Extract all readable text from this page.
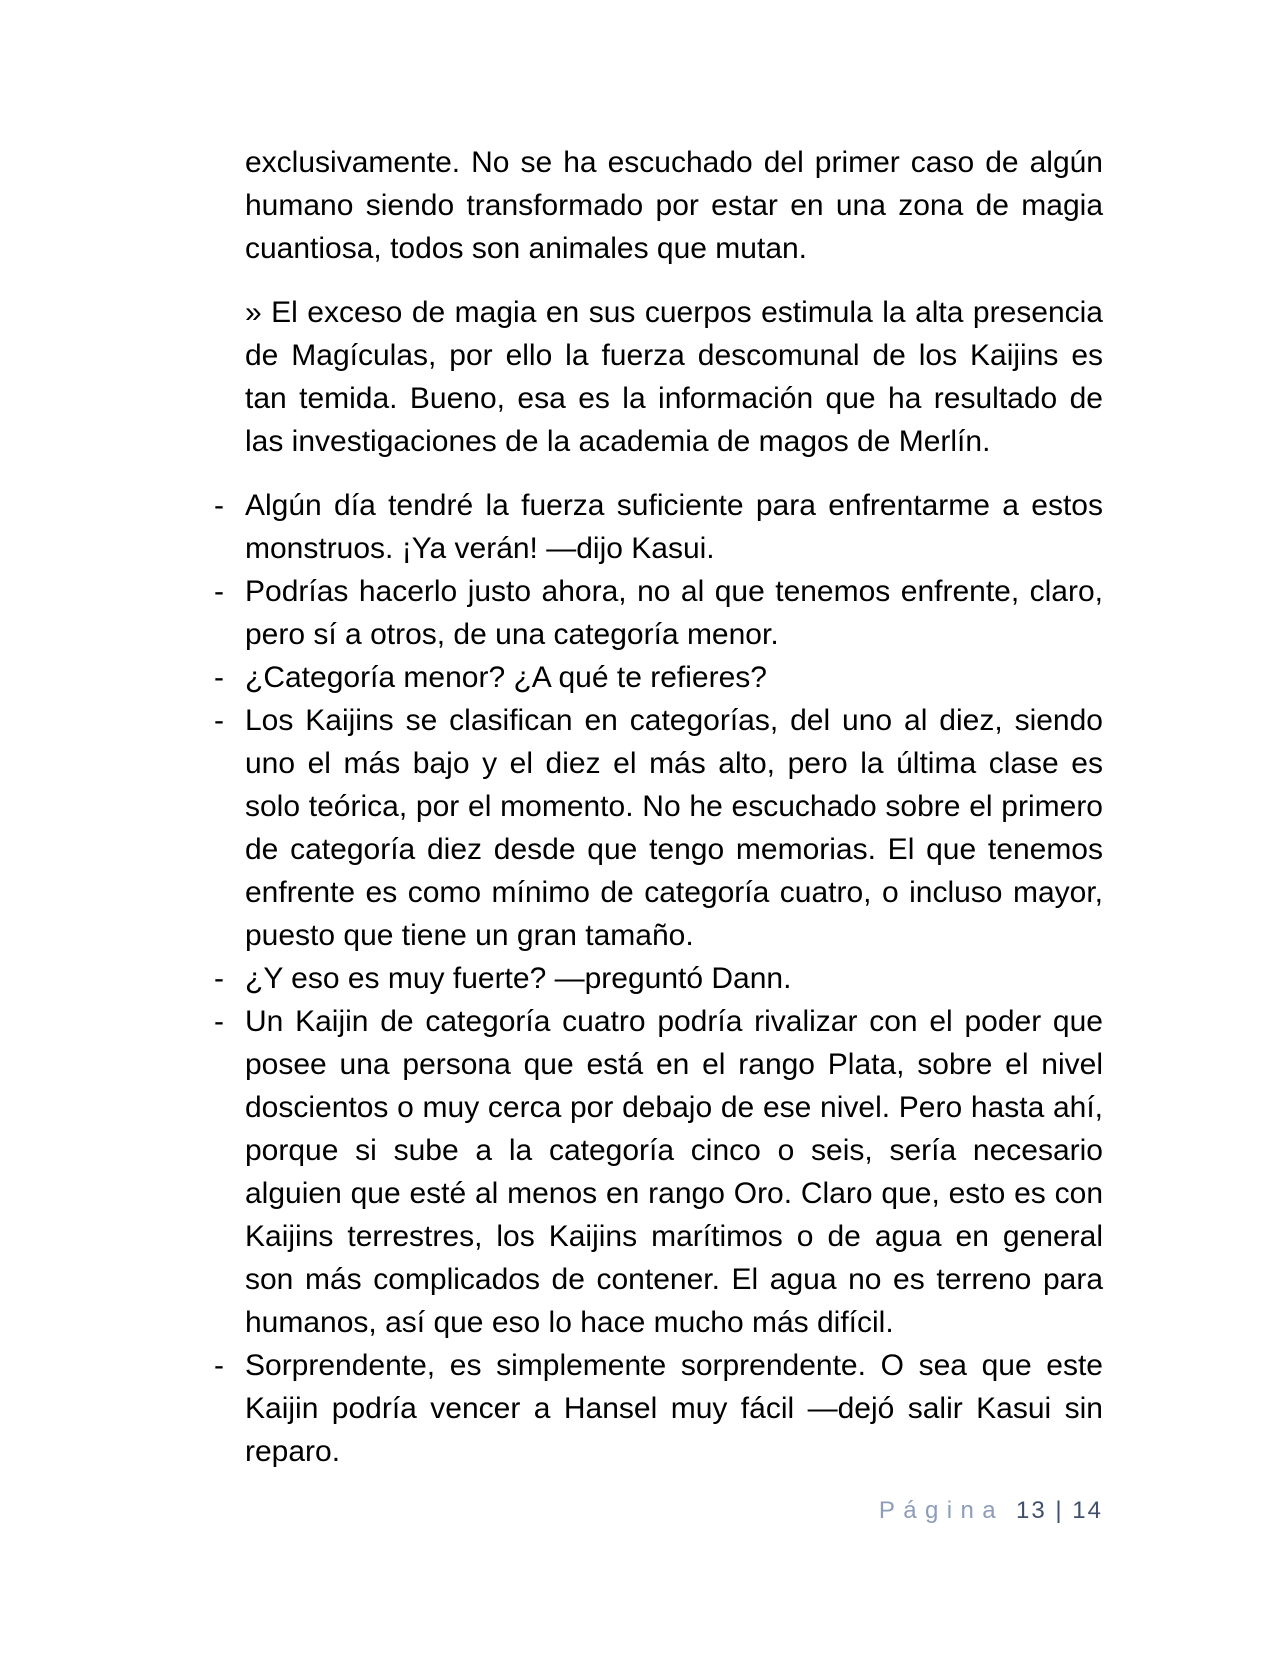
exclusivamente. No se ha escuchado del primer caso de algún humano siendo transformado por estar en una zona de magia cuantiosa, todos son animales que mutan.

» El exceso de magia en sus cuerpos estimula la alta presencia de Magículas, por ello la fuerza descomunal de los Kaijins es tan temida. Bueno, esa es la información que ha resultado de las investigaciones de la academia de magos de Merlín.

- Algún día tendré la fuerza suficiente para enfrentarme a estos monstruos. ¡Ya verán! —dijo Kasui.
- Podrías hacerlo justo ahora, no al que tenemos enfrente, claro, pero sí a otros, de una categoría menor.
- ¿Categoría menor? ¿A qué te refieres?
- Los Kaijins se clasifican en categorías, del uno al diez, siendo uno el más bajo y el diez el más alto, pero la última clase es solo teórica, por el momento. No he escuchado sobre el primero de categoría diez desde que tengo memorias. El que tenemos enfrente es como mínimo de categoría cuatro, o incluso mayor, puesto que tiene un gran tamaño.
- ¿Y eso es muy fuerte? —preguntó Dann.
- Un Kaijin de categoría cuatro podría rivalizar con el poder que posee una persona que está en el rango Plata, sobre el nivel doscientos o muy cerca por debajo de ese nivel. Pero hasta ahí, porque si sube a la categoría cinco o seis, sería necesario alguien que esté al menos en rango Oro. Claro que, esto es con Kaijins terrestres, los Kaijins marítimos o de agua en general son más complicados de contener. El agua no es terreno para humanos, así que eso lo hace mucho más difícil.
- Sorprendente, es simplemente sorprendente. O sea que este Kaijin podría vencer a Hansel muy fácil —dejó salir Kasui sin reparo.
Página 13 | 14
